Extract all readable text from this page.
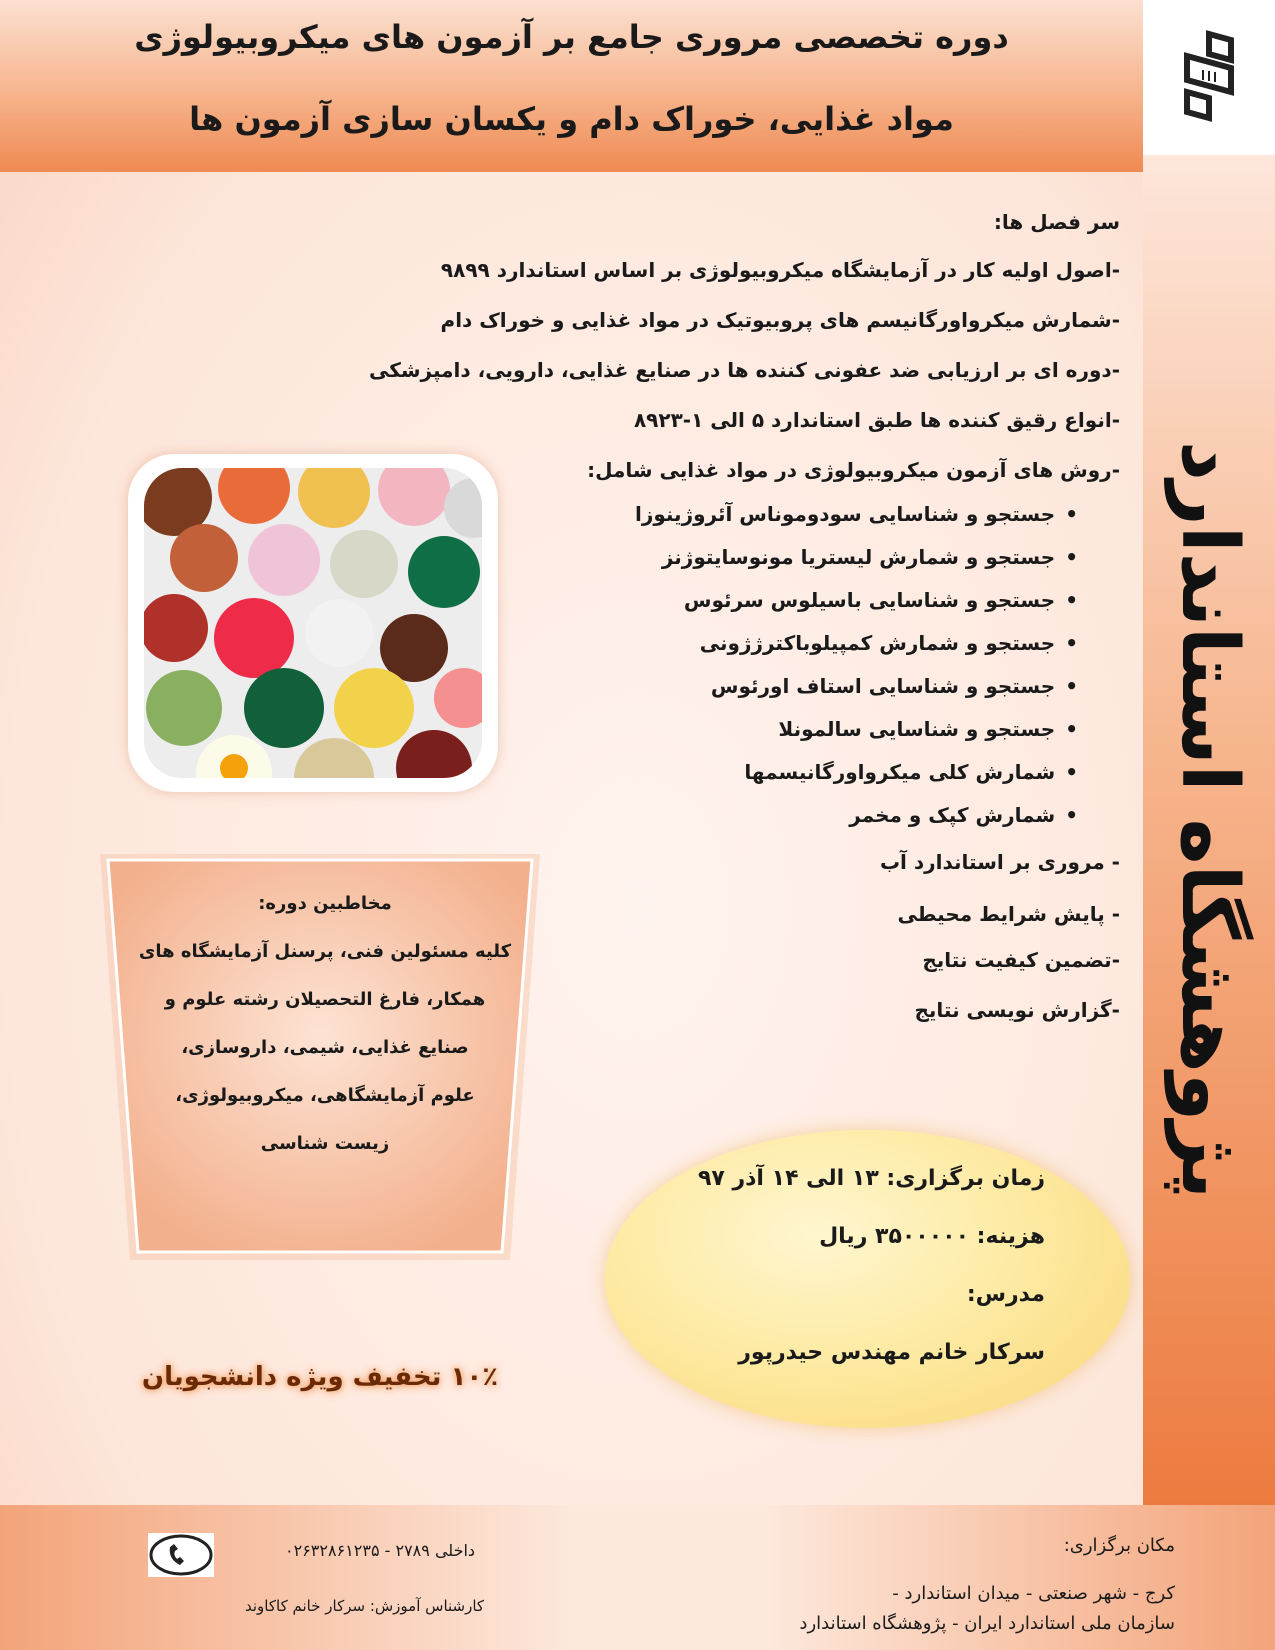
دوره تخصصی مروری جامع بر آزمون های میکروبیولوژی
مواد غذایی، خوراک دام و یکسان سازی آزمون ها
پژوهشگاه استاندارد
سر فصل ها:
-اصول اولیه کار در آزمایشگاه میکروبیولوژی بر اساس استاندارد ۹۸۹۹
-شمارش میکرواورگانیسم های پروبیوتیک در مواد غذایی و خوراک دام
-دوره ای بر ارزیابی ضد عفونی کننده ها در صنایع غذایی، دارویی، دامپزشکی
-انواع رقیق کننده ها طبق استاندارد ۵ الی ۱-۸۹۲۳
-روش های آزمون میکروبیولوژی در مواد غذایی شامل:
•جستجو و شناسایی سودوموناس آئروژینوزا
•جستجو و شمارش لیستریا مونوسایتوژنز
•جستجو و شناسایی باسیلوس سرئوس
•جستجو و شمارش کمپیلوباکترژژونی
•جستجو و شناسایی استاف اورئوس
•جستجو و شناسایی سالمونلا
•شمارش کلی میکرواورگانیسمها
•شمارش کپک و مخمر
- مروری بر استاندارد آب
- پایش شرایط محیطی
-تضمین کیفیت نتایج
-گزارش نویسی نتایج
مخاطبین دوره:
کلیه مسئولین فنی، پرسنل آزمایشگاه های
همکار، فارغ التحصیلان رشته علوم و
صنایع غذایی، شیمی، داروسازی،
علوم آزمایشگاهی، میکروبیولوژی،
زیست شناسی
زمان برگزاری: ۱۳ الی ۱۴ آذر ۹۷
هزینه: ۳۵۰۰۰۰۰ ریال
مدرس:
سرکار خانم مهندس حیدرپور
۱۰٪ تخفیف ویژه دانشجویان
مکان برگزاری:
کرج - شهر صنعتی - میدان استاندارد -
سازمان ملی استاندارد ایران - پژوهشگاه استاندارد
داخلی ۲۷۸۹ - ۰۲۶۳۲۸۶۱۲۳۵
کارشناس آموزش: سرکار خانم کاکاوند
